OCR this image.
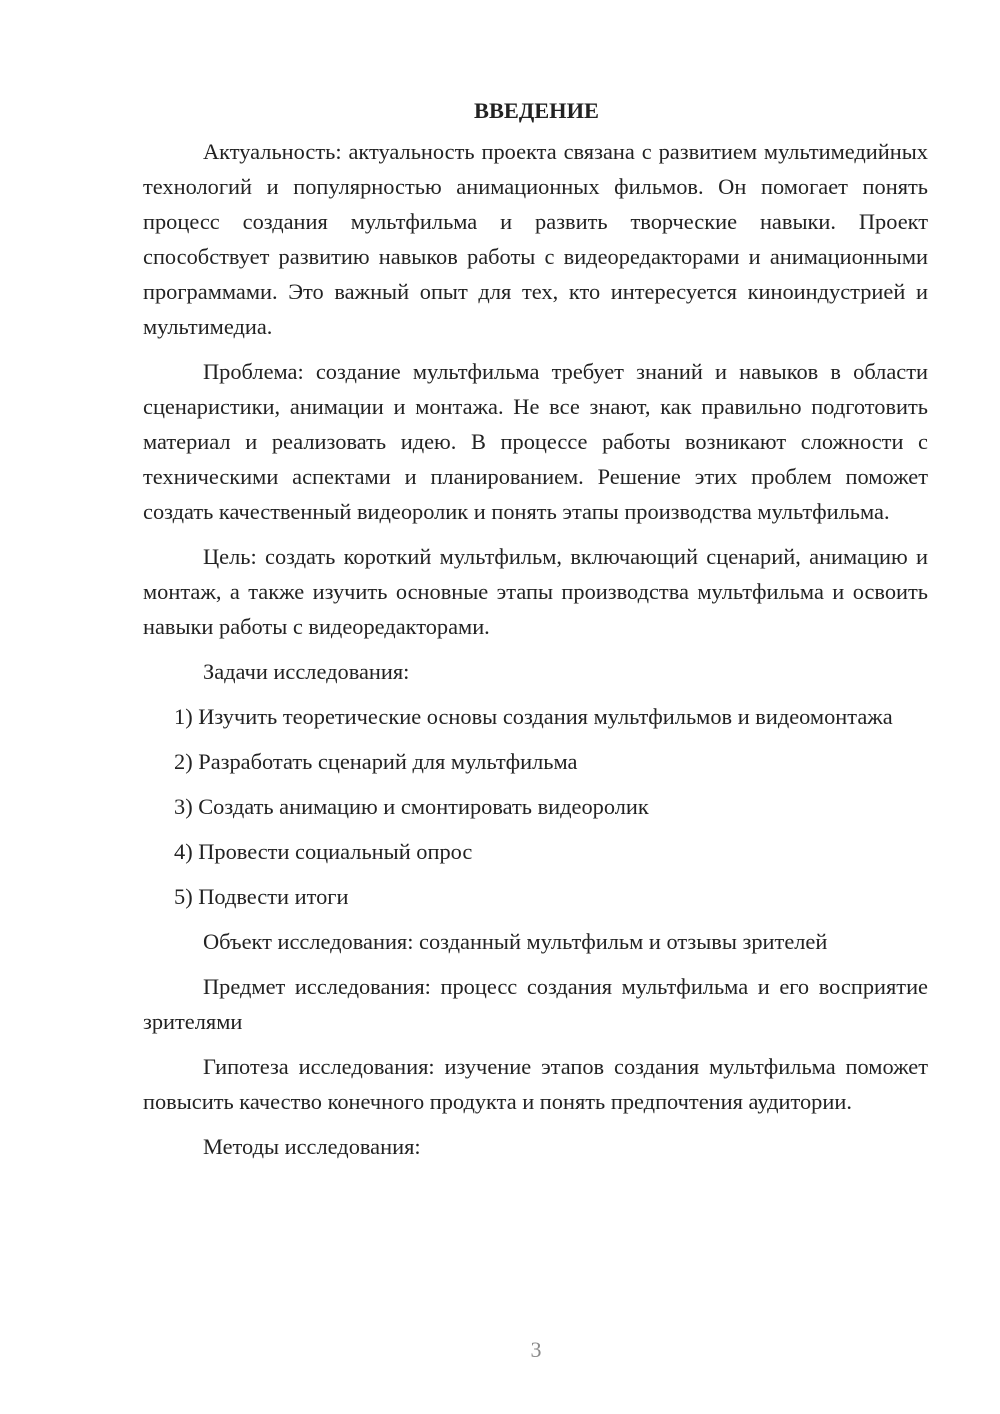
ВВЕДЕНИЕ

Актуальность: актуальность проекта связана с развитием мультимедийных технологий и популярностью анимационных фильмов. Он помогает понять процесс создания мультфильма и развить творческие навыки. Проект способствует развитию навыков работы с видеоредакторами и анимационными программами. Это важный опыт для тех, кто интересуется киноиндустрией и мультимедиа.

Проблема: создание мультфильма требует знаний и навыков в области сценаристики, анимации и монтажа. Не все знают, как правильно подготовить материал и реализовать идею. В процессе работы возникают сложности с техническими аспектами и планированием. Решение этих проблем поможет создать качественный видеоролик и понять этапы производства мультфильма.

Цель: создать короткий мультфильм, включающий сценарий, анимацию и монтаж, а также изучить основные этапы производства мультфильма и освоить навыки работы с видеоредакторами.

Задачи исследования:

1) Изучить теоретические основы создания мультфильмов и видеомонтажа

2) Разработать сценарий для мультфильма

3) Создать анимацию и смонтировать видеоролик

4) Провести социальный опрос

5) Подвести итоги

Объект исследования: созданный мультфильм и отзывы зрителей

Предмет исследования: процесс создания мультфильма и его восприятие зрителями

Гипотеза исследования: изучение этапов создания мультфильма поможет повысить качество конечного продукта и понять предпочтения аудитории.

Методы исследования:

3
